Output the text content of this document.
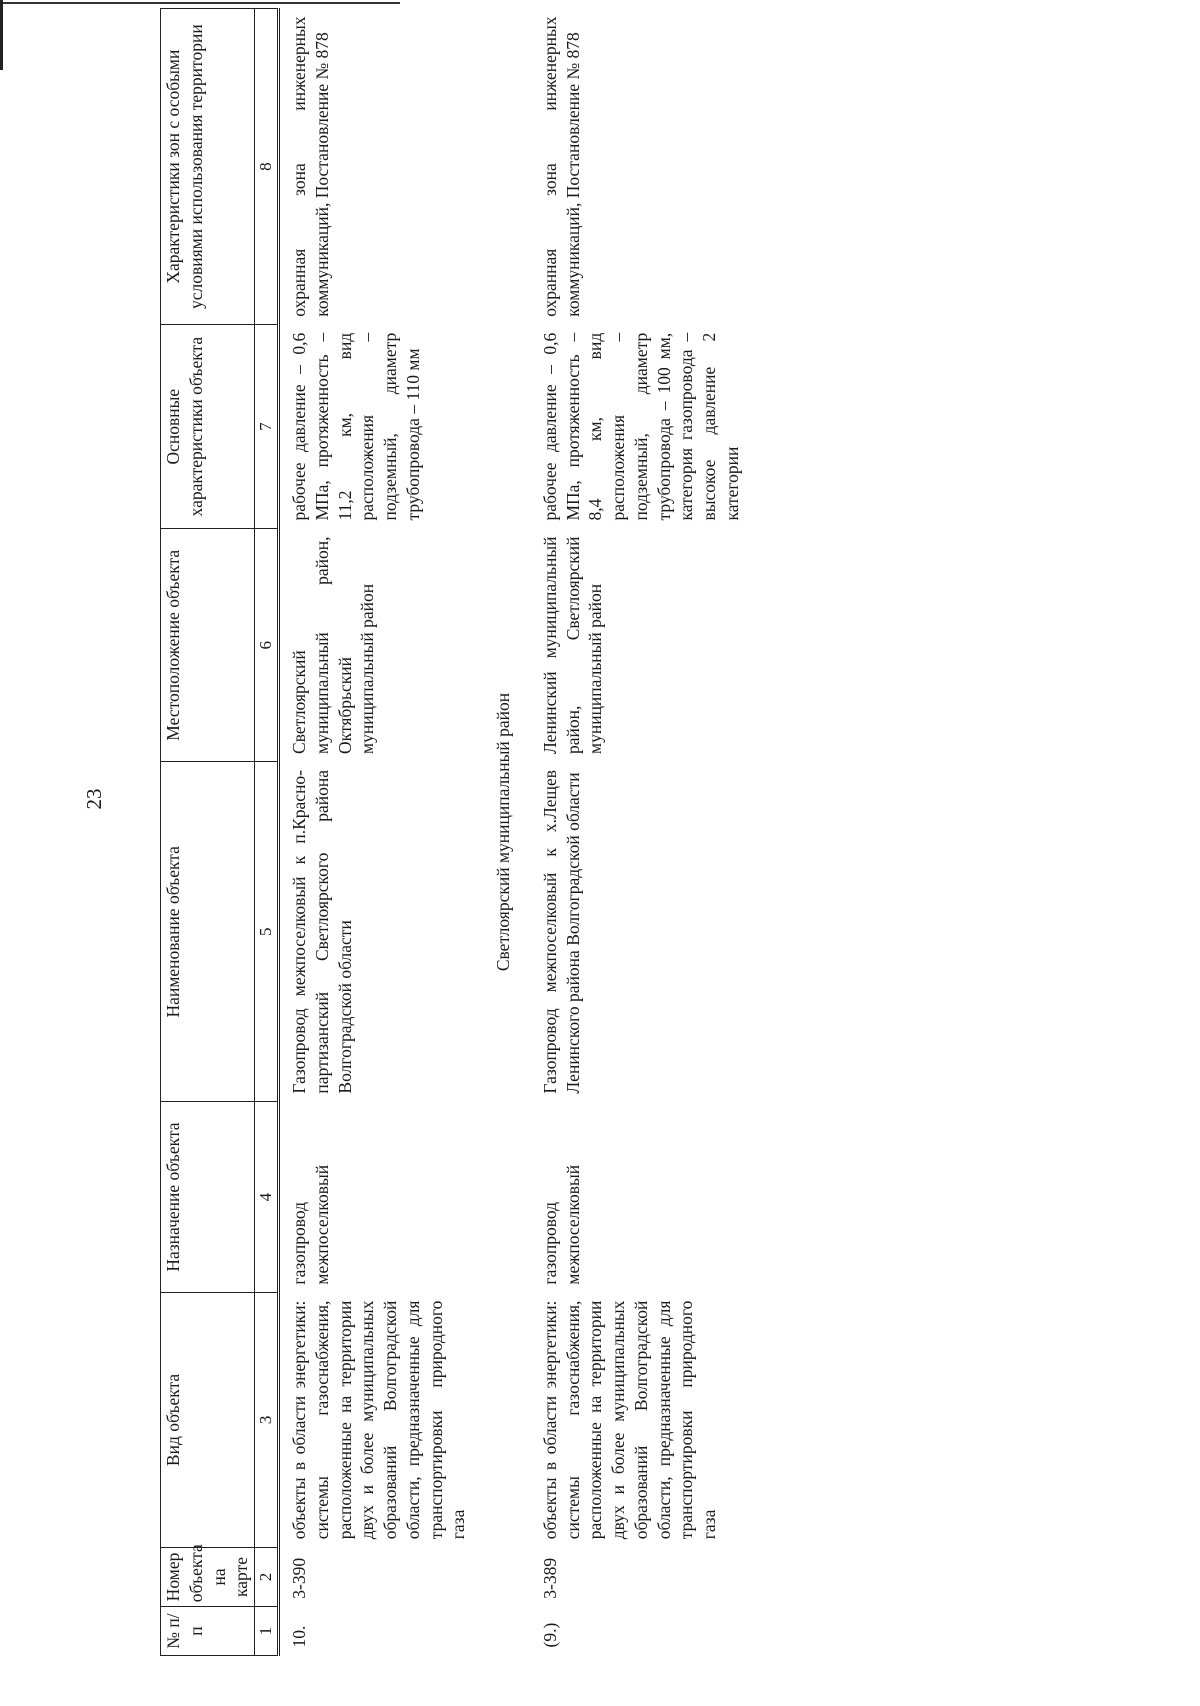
23
№ п/п	Номер объекта на карте	Вид объекта	Назначение объекта	Наименование объекта	Местоположение объекта	Основные характеристики объекта	Характеристики зон с особыми условиями использования территории
1	2	3	4	5	6	7	8
10.	3-390	объекты в области энергетики: системы газоснабжения, расположенные на территории двух и более муниципальных образований Волгоградской области, предназначенные для транспортировки природного газа	газопровод межпоселковый	Газопровод межпоселковый к п.Красно-партизанский Светлоярского района Волгоградской области	Светлоярский муниципальный район, Октябрьский муниципальный район	рабочее давление – 0,6 МПа, протяженность – 11,2 км, вид расположения – подземный, диаметр трубопровода – 110 мм	охранная зона инженерных коммуникаций, Постановление № 878
Светлоярский муниципальный район							
(9.)	3-389	объекты в области энергетики: системы газоснабжения, расположенные на территории двух и более муниципальных образований Волгоградской области, предназначенные для транспортировки природного газа	газопровод межпоселковый	Газопровод межпоселковый к х.Лещев Ленинского района Волгоградской области	Ленинский муниципальный район, Светлоярский муниципальный район	рабочее давление – 0,6 МПа, протяженность – 8,4 км, вид расположения – подземный, диаметр трубопровода – 100 мм, категория газопровода – высокое давление 2 категории	охранная зона инженерных коммуникаций, Постановление № 878
